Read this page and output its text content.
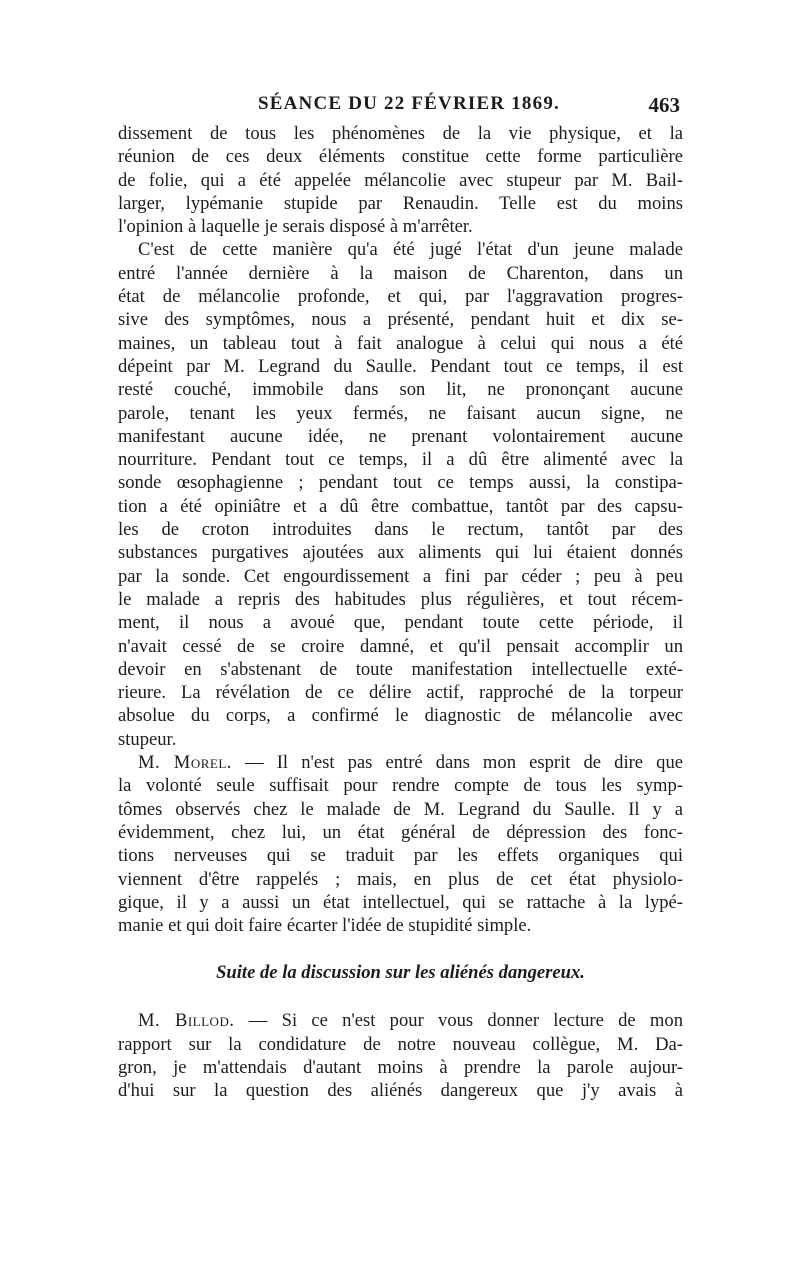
SÉANCE DU 22 FÉVRIER 1869.	463
dissement de tous les phénomènes de la vie physique, et la
réunion de ces deux éléments constitue cette forme particulière
de folie, qui a été appelée mélancolie avec stupeur par M. Bail-
larger, lypémanie stupide par Renaudin. Telle est du moins
l'opinion à laquelle je serais disposé à m'arrêter.
C'est de cette manière qu'a été jugé l'état d'un jeune malade
entré l'année dernière à la maison de Charenton, dans un
état de mélancolie profonde, et qui, par l'aggravation progres-
sive des symptômes, nous a présenté, pendant huit et dix se-
maines, un tableau tout à fait analogue à celui qui nous a été
dépeint par M. Legrand du Saulle. Pendant tout ce temps, il est
resté couché, immobile dans son lit, ne prononçant aucune
parole, tenant les yeux fermés, ne faisant aucun signe, ne
manifestant aucune idée, ne prenant volontairement aucune
nourriture. Pendant tout ce temps, il a dû être alimenté avec la
sonde œsophagienne ; pendant tout ce temps aussi, la constipa-
tion a été opiniâtre et a dû être combattue, tantôt par des capsu-
les de croton introduites dans le rectum, tantôt par des
substances purgatives ajoutées aux aliments qui lui étaient donnés
par la sonde. Cet engourdissement a fini par céder ; peu à peu
le malade a repris des habitudes plus régulières, et tout récem-
ment, il nous a avoué que, pendant toute cette période, il
n'avait cessé de se croire damné, et qu'il pensait accomplir un
devoir en s'abstenant de toute manifestation intellectuelle exté-
rieure. La révélation de ce délire actif, rapproché de la torpeur
absolue du corps, a confirmé le diagnostic de mélancolie avec
stupeur.
M. Morel. — Il n'est pas entré dans mon esprit de dire que
la volonté seule suffisait pour rendre compte de tous les symp-
tômes observés chez le malade de M. Legrand du Saulle. Il y a
évidemment, chez lui, un état général de dépression des fonc-
tions nerveuses qui se traduit par les effets organiques qui
viennent d'être rappelés ; mais, en plus de cet état physiolo-
gique, il y a aussi un état intellectuel, qui se rattache à la lypé-
manie et qui doit faire écarter l'idée de stupidité simple.
Suite de la discussion sur les aliénés dangereux.
M. Billod. — Si ce n'est pour vous donner lecture de mon
rapport sur la condidature de notre nouveau collègue, M. Da-
gron, je m'attendais d'autant moins à prendre la parole aujour-
d'hui sur la question des aliénés dangereux que j'y avais à
